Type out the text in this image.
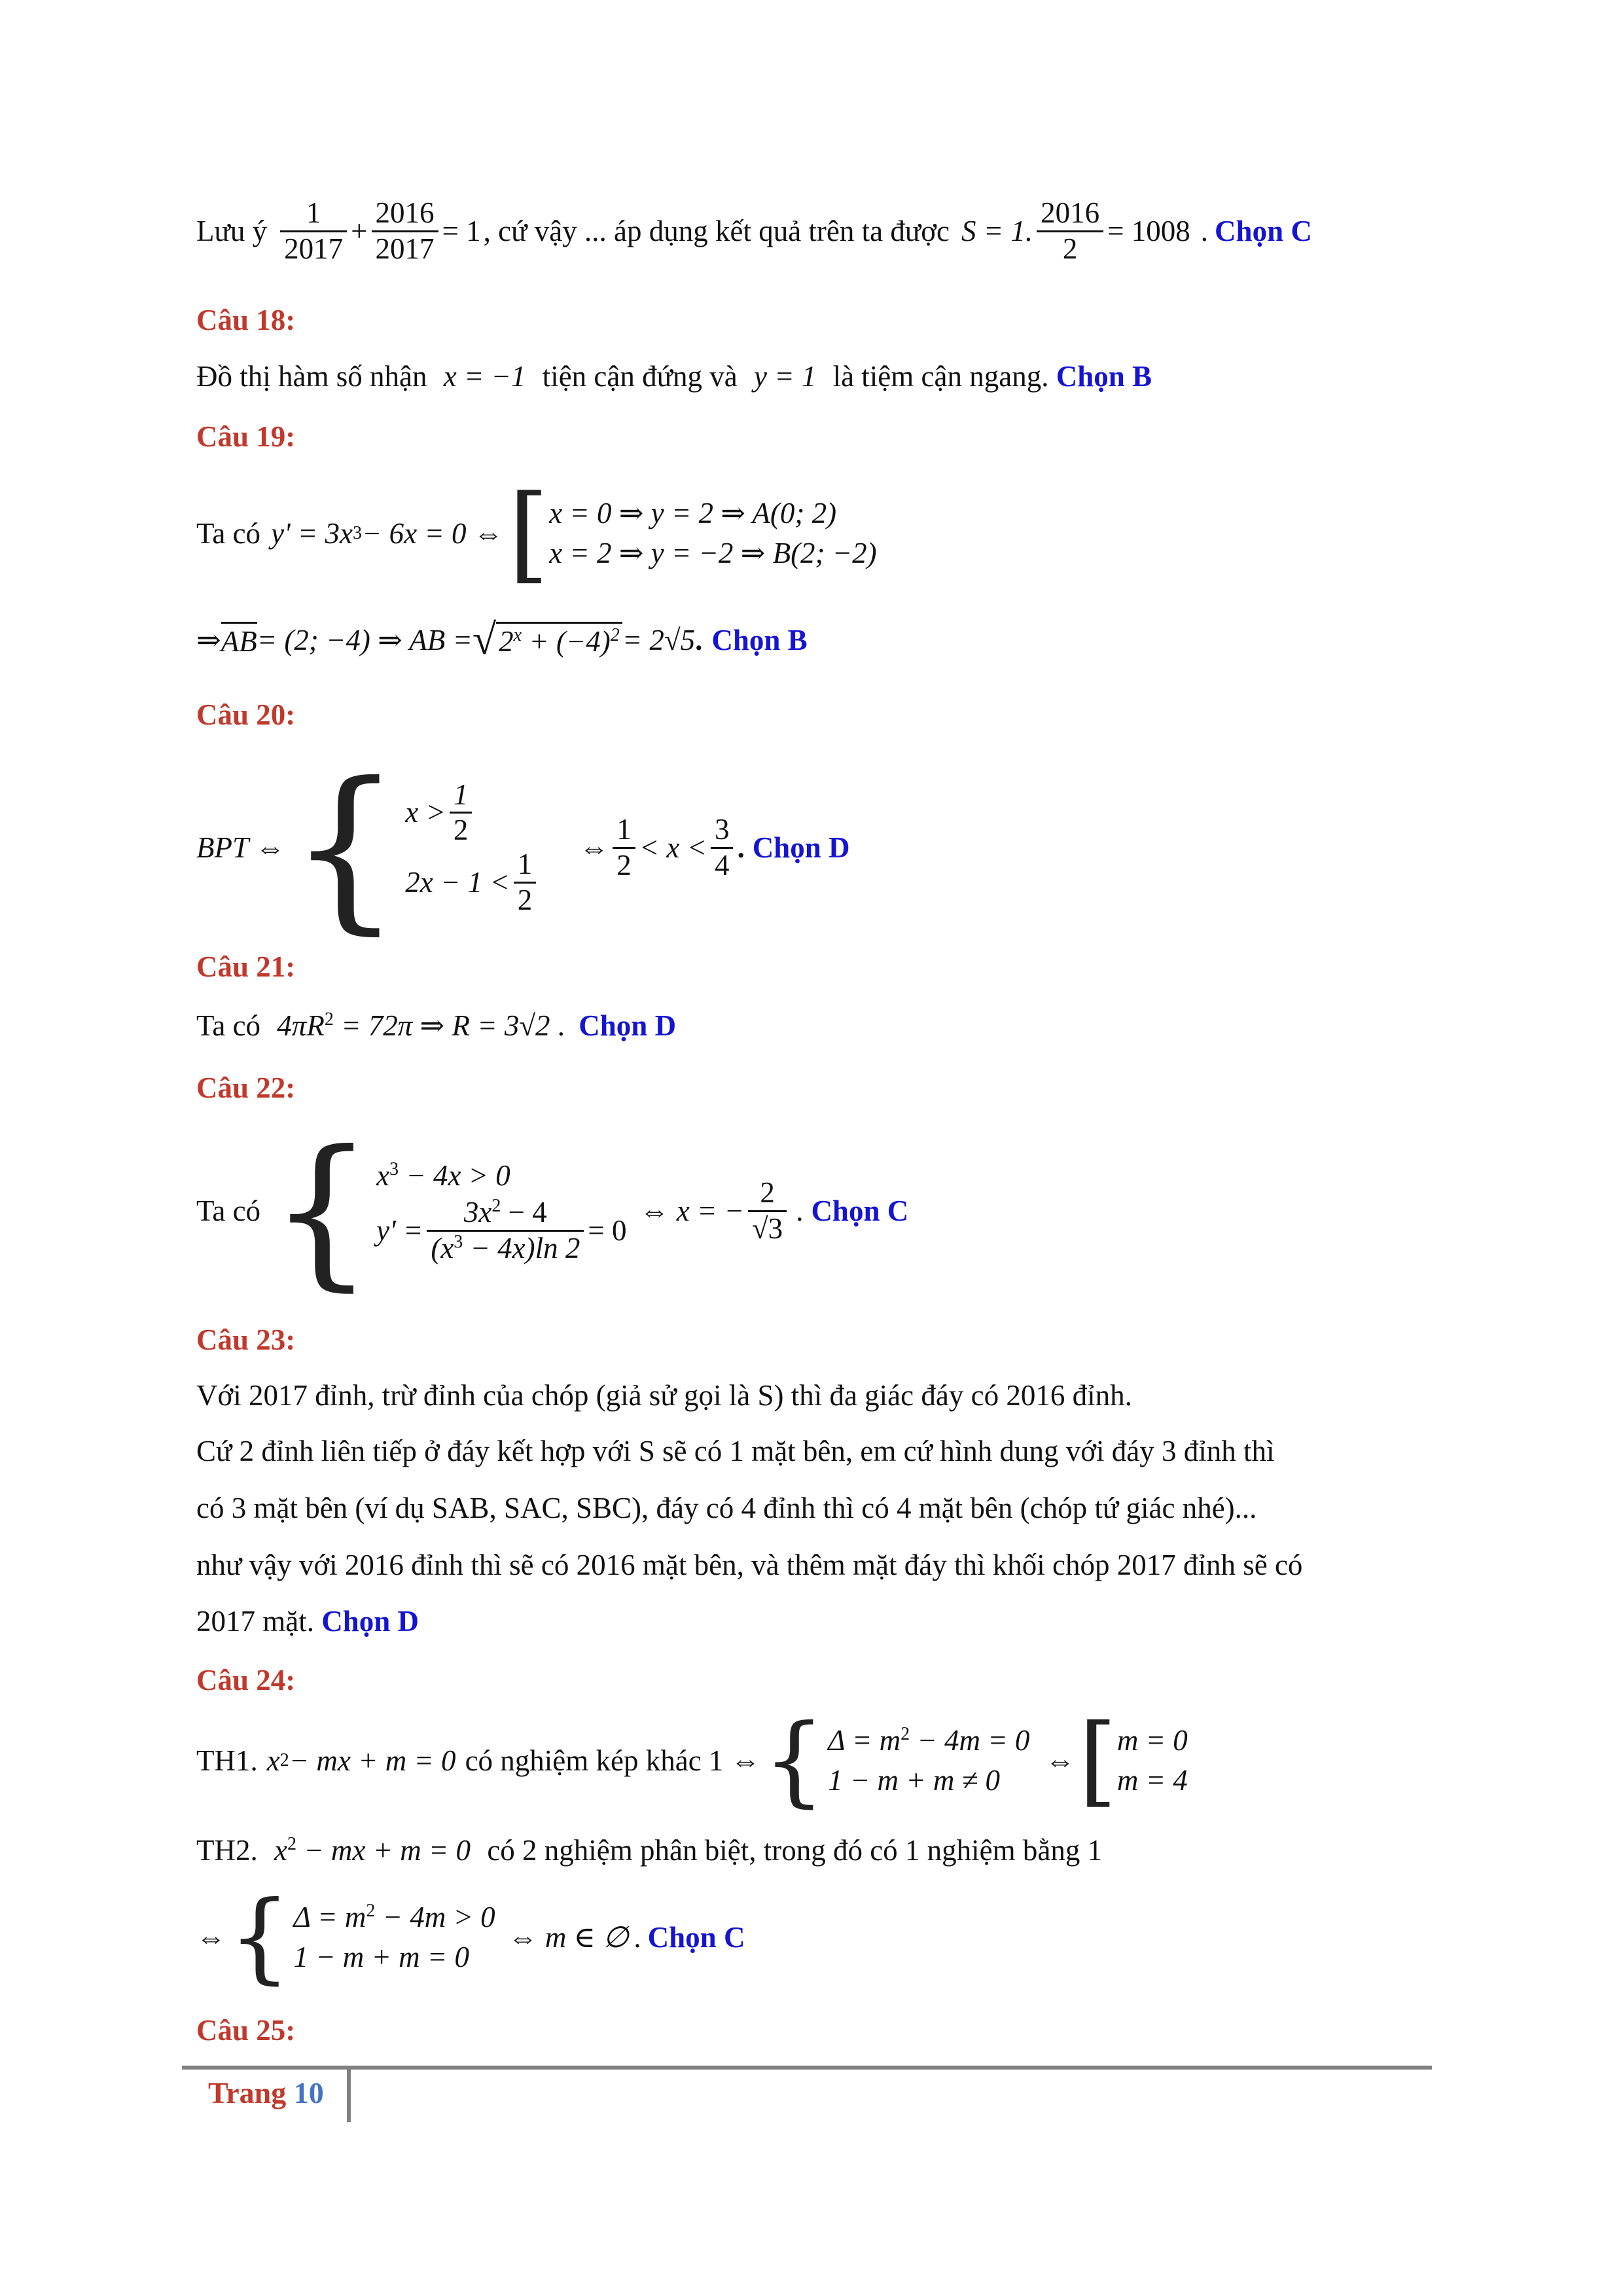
Lưu ý $\frac{1}{2017} + \frac{2016}{2017} = 1$ , cứ vậy ... áp dụng kết quả trên ta được S = 1. $\frac{2016}{2} = 1008$ . Chọn C
Câu 18:
Đồ thị hàm số nhận x = −1 tiện cận đứng và y = 1 là tiệm cận ngang. Chọn B
Câu 19:
Ta có y' = 3x 3 − 6x = 0 ⇔ [ x = 0 ⇒ y = 2 ⇒ A(0; 2)
x = 2 ⇒ y = −2 ⇒ B(2; −2)
⇒ AB = (2; −4) ⇒ AB = √ $2^x + (-4)^2 = 2√5$ . Chọn B
Câu 20:
BPT ⇔ { $x > \frac{1}{2}$
$2x - 1 < \frac{1}{2}$ ⇔ $\frac{1}{2} < x < \frac{3}{4}$ . Chọn D
Câu 21:
Ta có $4\pi R^2 = 72\pi$ ⇒ R = 3√2 . Chọn D
Câu 22:
Ta có { $x^3 - 4x > 0$
$y' = \frac{3x^2 - 4}{(x^3 - 4x)\ln 2} = 0$
⇔ x = − $\frac{2}{√3}$ . Chọn C
Câu 23:
Với 2017 đỉnh, trừ đỉnh của chóp (giả sử gọi là S) thì đa giác đáy có 2016 đỉnh.
Cứ 2 đỉnh liên tiếp ở đáy kết hợp với S sẽ có 1 mặt bên, em cứ hình dung với đáy 3 đỉnh thì
có 3 mặt bên (ví dụ SAB, SAC, SBC), đáy có 4 đỉnh thì có 4 mặt bên (chóp tứ giác nhé)...
như vậy với 2016 đỉnh thì sẽ có 2016 mặt bên, và thêm mặt đáy thì khối chóp 2017 đỉnh sẽ có
2017 mặt. Chọn D
Câu 24:
TH1. x 2 − mx + m = 0 có nghiệm kép khác 1 ⇔ { $\Delta = m^2 - 4m = 0$
1 − m + m ≠ 0
⇔ [ m = 0
m = 4
TH2. $x^2$ − mx + m = 0 có 2 nghiệm phân biệt, trong đó có 1 nghiệm bằng 1
⇔ { $\Delta = m^2 - 4m > 0$
1 − m + m = 0
⇔ m ∈ ∅ . Chọn C
Câu 25:
Trang 10
